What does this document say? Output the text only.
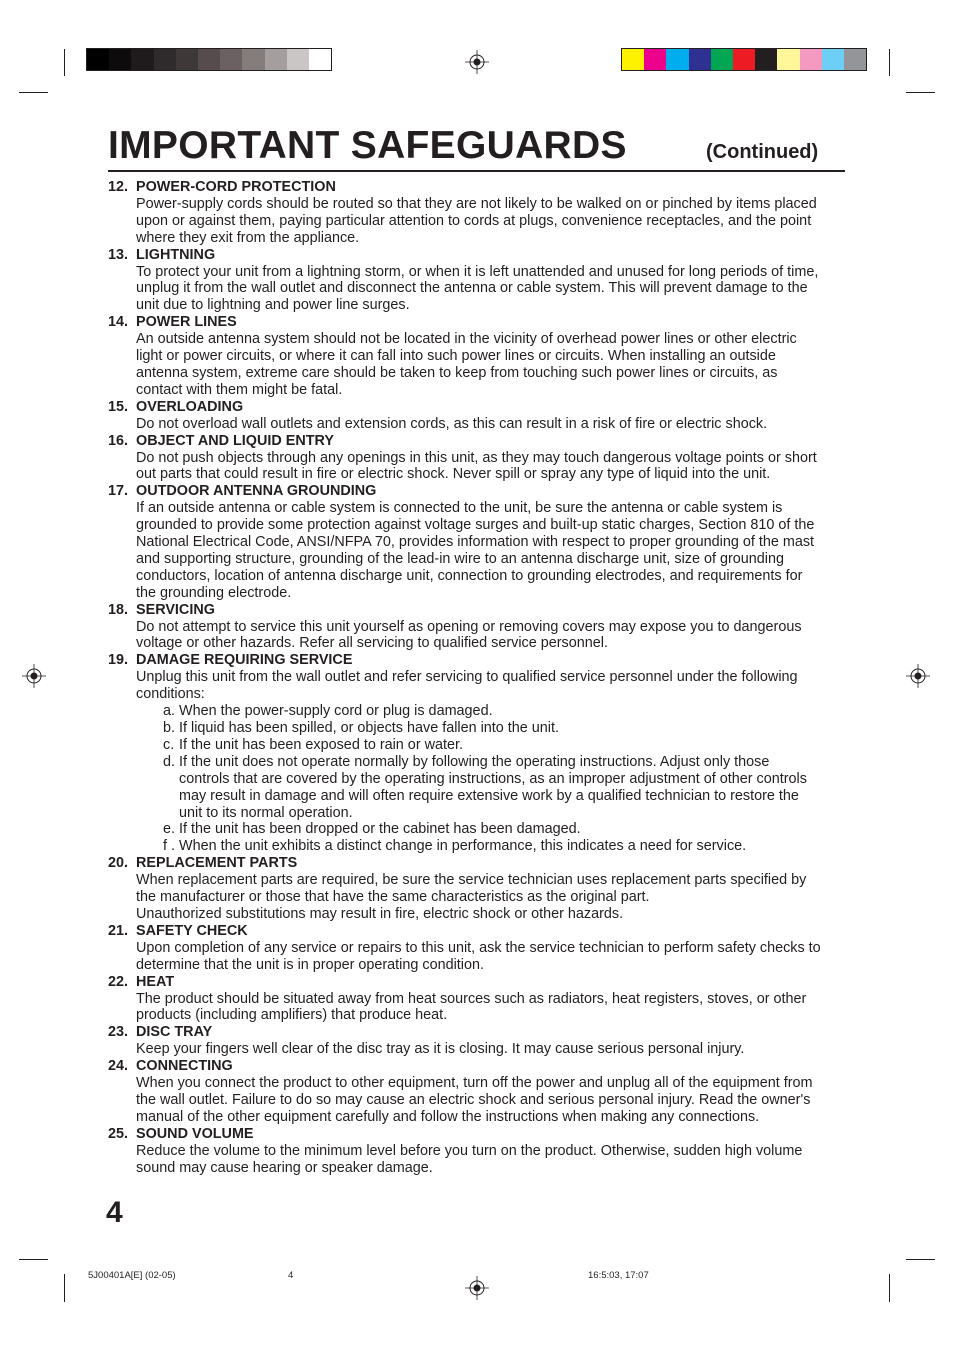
IMPORTANT SAFEGUARDS	(Continued)
12. POWER-CORD PROTECTION

Power-supply cords should be routed so that they are not likely to be walked on or pinched by items placed

upon or against them, paying particular attention to cords at plugs, convenience receptacles, and the point

where they exit from the appliance.

13. LIGHTNING

To protect your unit from a lightning storm, or when it is left unattended and unused for long periods of time,

unplug it from the wall outlet and disconnect the antenna or cable system. This will prevent damage to the

unit due to lightning and power line surges.

14. POWER LINES

An outside antenna system should not be located in the vicinity of overhead power lines or other electric

light or power circuits, or where it can fall into such power lines or circuits. When installing an outside

antenna system, extreme care should be taken to keep from touching such power lines or circuits, as

contact with them might be fatal.

15. OVERLOADING

Do not overload wall outlets and extension cords, as this can result in a risk of fire or electric shock.

16. OBJECT AND LIQUID ENTRY

Do not push objects through any openings in this unit, as they may touch dangerous voltage points or short

out parts that could result in fire or electric shock. Never spill or spray any type of liquid into the unit.

17. OUTDOOR ANTENNA GROUNDING

If an outside antenna or cable system is connected to the unit, be sure the antenna or cable system is

grounded to provide some protection against voltage surges and built-up static charges, Section 810 of the

National Electrical Code, ANSI/NFPA 70, provides information with respect to proper grounding of the mast

and supporting structure, grounding of the lead-in wire to an antenna discharge unit, size of grounding

conductors, location of antenna discharge unit, connection to grounding electrodes, and requirements for

the grounding electrode.

18. SERVICING

Do not attempt to service this unit yourself as opening or removing covers may expose you to dangerous

voltage or other hazards. Refer all servicing to qualified service personnel.

19. DAMAGE REQUIRING SERVICE

Unplug this unit from the wall outlet and refer servicing to qualified service personnel under the following

conditions:

a. When the power-supply cord or plug is damaged.

b. If liquid has been spilled, or objects have fallen into the unit.

c. If the unit has been exposed to rain or water.

d. If the unit does not operate normally by following the operating instructions. Adjust only those

controls that are covered by the operating instructions, as an improper adjustment of other controls

may result in damage and will often require extensive work by a qualified technician to restore the

unit to its normal operation.

e. If the unit has been dropped or the cabinet has been damaged.

f . When the unit exhibits a distinct change in performance, this indicates a need for service.

20. REPLACEMENT PARTS

When replacement parts are required, be sure the service technician uses replacement parts specified by

the manufacturer or those that have the same characteristics as the original part.

Unauthorized substitutions may result in fire, electric shock or other hazards.

21. SAFETY CHECK

Upon completion of any service or repairs to this unit, ask the service technician to perform safety checks to

determine that the unit is in proper operating condition.

22. HEAT

The product should be situated away from heat sources such as radiators, heat registers, stoves, or other

products (including amplifiers) that produce heat.

23. DISC TRAY

Keep your fingers well clear of the disc tray as it is closing. It may cause serious personal injury.

24. CONNECTING

When you connect the product to other equipment, turn off the power and unplug all of the equipment from

the wall outlet. Failure to do so may cause an electric shock and serious personal injury. Read the owner's

manual of the other equipment carefully and follow the instructions when making any connections.

25. SOUND VOLUME

Reduce the volume to the minimum level before you turn on the product. Otherwise, sudden high volume

sound may cause hearing or speaker damage.

4
5J00401A[E] (02-05)	4	16:5:03, 17:07
